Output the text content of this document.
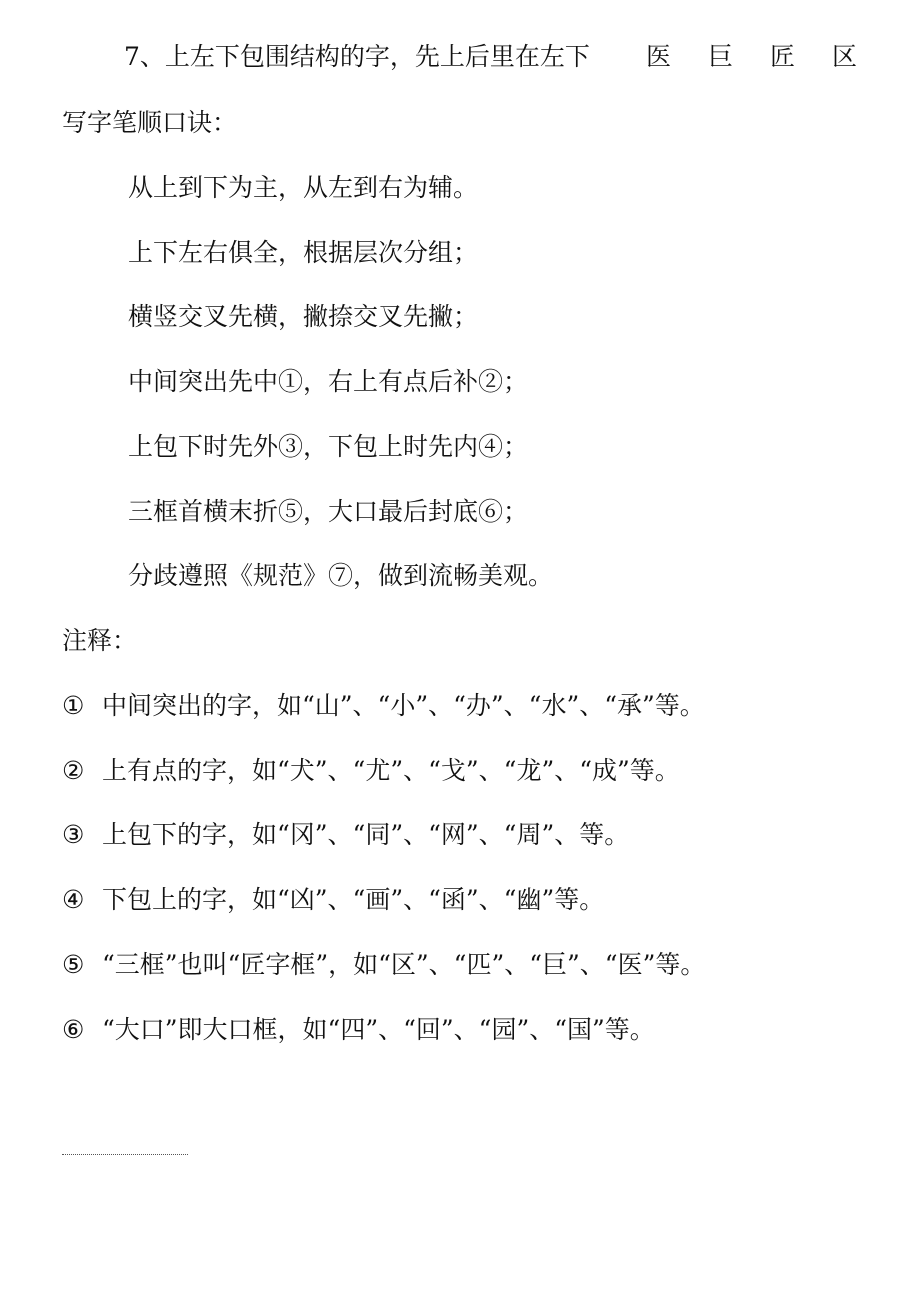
7、上左下包围结构的字，先上后里在左下 医 巨 匠 区
写字笔顺口诀：
从上到下为主，从左到右为辅。
上下左右俱全，根据层次分组；
横竖交叉先横，撇捺交叉先撇；
中间突出先中①，右上有点后补②；
上包下时先外③，下包上时先内④；
三框首横末折⑤，大口最后封底⑥；
分歧遵照《规范》⑦，做到流畅美观。
注释：
① 中间突出的字，如“山”、“小”、“办”、“水”、“承”等。
② 上有点的字，如“犬”、“尤”、“戈”、“龙”、“成”等。
③ 上包下的字，如“冈”、“同”、“网”、“周”、等。
④ 下包上的字，如“凶”、“画”、“函”、“幽”等。
⑤ “三框”也叫“匠字框”，如“区”、“匹”、“巨”、“医”等。
⑥ “大口”即大口框，如“四”、“回”、“园”、“国”等。
